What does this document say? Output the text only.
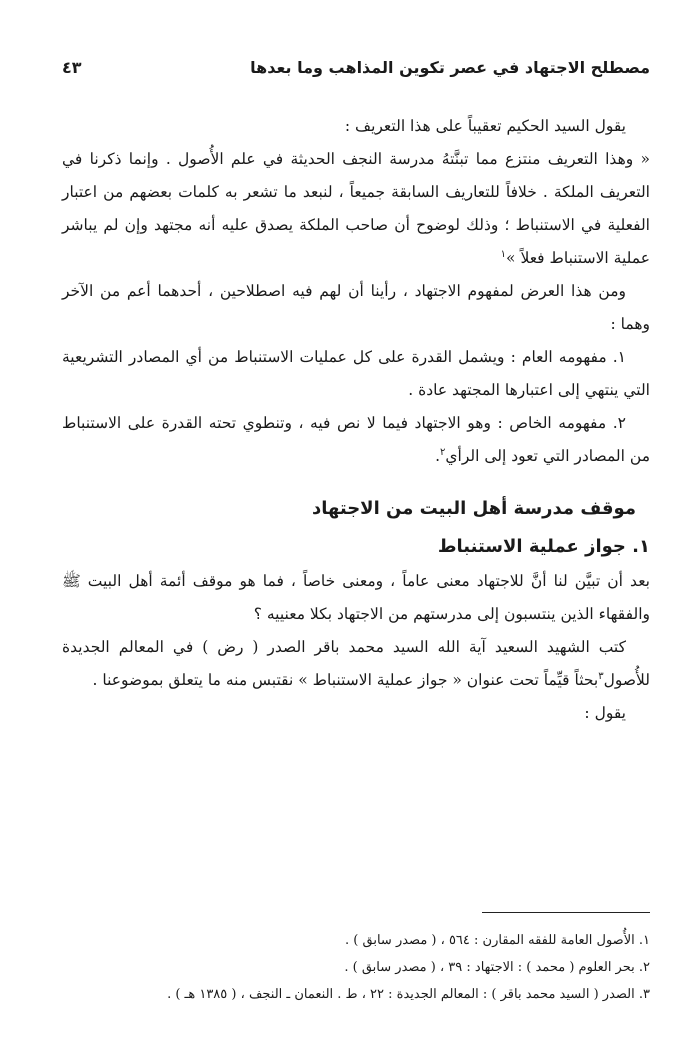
مصطلح الاجتهاد في عصر تكوين المذاهب وما بعدها
٤٣

يقول السيد الحكيم تعقيباً على هذا التعريف :

« وهذا التعريف منتزع مما تبنَّتهُ مدرسة النجف الحديثة في علم الأُصول . وإنما ذكرنا في التعريف الملكة . خلافاً للتعاريف السابقة جميعاً ، لنبعد ما تشعر به كلمات بعضهم من اعتبار الفعلية في الاستنباط ؛ وذلك لوضوح أن صاحب الملكة يصدق عليه أنه مجتهد وإن لم يباشر عملية الاستنباط فعلاً »$^١$

ومن هذا العرض لمفهوم الاجتهاد ، رأينا أن لهم فيه اصطلاحين ، أحدهما أعم من الآخر وهما :

١. مفهومه العام : ويشمل القدرة على كل عمليات الاستنباط من أي المصادر التشريعية التي ينتهي إلى اعتبارها المجتهد عادة .

٢. مفهومه الخاص : وهو الاجتهاد فيما لا نص فيه ، وتنطوي تحته القدرة على الاستنباط من المصادر التي تعود إلى الرأي$^٢$.

موقف مدرسة أهل البيت من الاجتهاد
١. جواز عملية الاستنباط

بعد أن تبيَّن لنا أنَّ للاجتهاد معنى عاماً ، ومعنى خاصاً ، فما هو موقف أئمة أهل البيت ﷺ والفقهاء الذين ينتسبون إلى مدرستهم من الاجتهاد بكلا معنييه ؟

كتب الشهيد السعيد آية الله السيد محمد باقر الصدر ( رض ) في المعالم الجديدة للأُصول$^٣$بحثاً قيِّماً تحت عنوان « جواز عملية الاستنباط » نقتبس منه ما يتعلق بموضوعنا .

يقول :

١. الأُصول العامة للفقه المقارن : ٥٦٤ ، ( مصدر سابق ) .

٢. بحر العلوم ( محمد ) : الاجتهاد : ٣٩ ، ( مصدر سابق ) .

٣. الصدر ( السيد محمد باقر ) : المعالم الجديدة : ٢٢ ، ط . النعمان ـ النجف ، ( ١٣٨٥ هـ ) .
